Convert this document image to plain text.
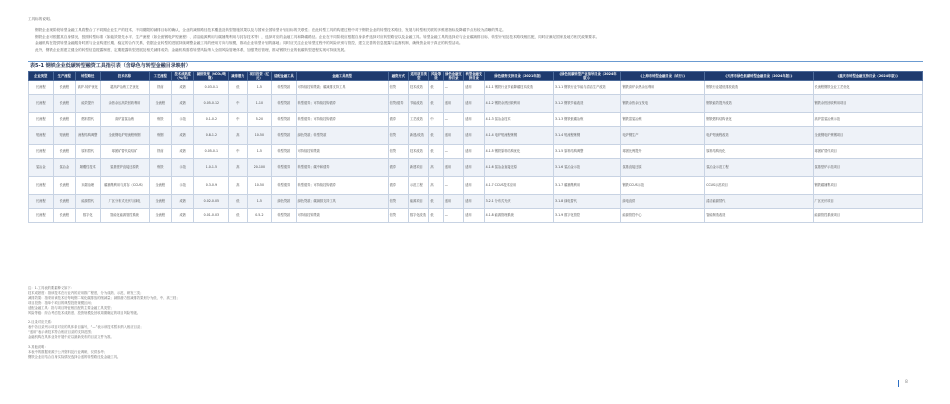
工具标的说明。

钢铁企业现阶段转型金融工具将整合了不同期企业生产的技术，不同期限的减排目标的确认，企业的减排路径技术覆盖及转型措施效果以及与国家全国转型计划目标的关联性；在此转型工具的构建过程中对于钢铁企业的转型技术路径、发展与转型相关联的多维度指标及降碳节点有较为清晰的界定。

钢铁企业可根据其自身情况，按照转型标准（如能效领先水平、生产流程（如全废钢电炉短流程）、清洁能源利用与碳捕集利用与封存技术等），选择对应的金融工具和降碳路径。企业在不同阶段应根据自身条件选择对应转型路径以及金融工具。转型金融工具的选择应与企业碳减排目标、转型计划及技术路线相匹配，同时应满足国家及地方相关政策要求。

金融机构在提供转型金融服务时需与企业构建长期、稳定的合作关系，依据企业转型的进展持续调整金融工具的使用方向与规模，推动企业转型计划的落地；同时应关注企业转型过程中的风险识别与管控，建立完善的信息披露与监督机制，确保资金用于真正的转型活动。

此外，钢铁企业需建立健全的转型信息披露制度，定期披露转型进展及相关减排成效；金融机构需将转型风险纳入全面风险管理体系，加强贷后管理，推动钢铁行业的低碳转型进程实现可持续发展。

表5-1 钢铁企业低碳转型融资工具指引表（含绿色与转型金融目录映射）
企业类型	生产流程	转型路径	技术名称	工艺流程	技术成熟度（%/年）	减排效果（tCO₂/吨钢）	减排潜力	项目投资（亿元）	适配金融工具	金融工具类型	融资方式	适用项目类型	风险等级	绿色金融支持目录	转型金融支持目录	绿色债券支持目录（2021年版）	《绿色低碳转型产业指导目录（2024年版）》	《上海市转型金融目录（试行）》	《天津市绿色低碳转型金融目录（2024年版）》	《重庆市转型金融支持目录（2024年版）》
长流程	长流程	高炉-转炉优化	超高炉冶炼工艺优化	铁前	成熟	0.03-0.1	低	1-5	转型贷款	可持续挂钩贷款；碳减排支持工具	信贷	技术改造	低	—	适用	4.1.1 钢铁行业节能降碳技术改造	3.1.1 钢铁行业节能与清洁生产改造	钢铁高炉余热余压利用	钢铁行业超低排放改造	长流程钢铁企业工艺优化
长流程	长流程	能效提升	余热余压高效回收利用	全流程	成熟	0.05-0.12	中	1-10	转型贷款	转型债券；可持续挂钩债券	信贷/债券	节能改造	低	适用	适用	4.1.2 钢铁余热回收利用	3.1.2 钢铁节能改造	钢铁余热余压发电	钢铁能效提升改造	钢铁余热回收利用项目
长流程	长流程	燃料替代	高炉富氢冶炼	炼铁	示范	0.1-0.2	中	5-20	转型贷款	转型债券；可持续挂钩债券	债券	工艺改造	中	—	适用	4.1.3 氢冶金技术	3.1.3 钢铁低碳冶炼	钢铁富氢冶炼	钢铁燃料结构优化	高炉富氢冶炼示范
短流程	短流程	流程结构调整	全废钢电炉短流程炼钢	炼钢	成熟	0.8-1.2	高	10-50	转型贷款	绿色贷款；转型贷款	信贷	新建/改造	低	适用	适用	4.1.4 电炉短流程炼钢	3.1.4 短流程炼钢	电炉钢生产	电炉短流程改造	全废钢电炉炼钢项目
长流程	长流程	原料替代	球团矿替代烧结矿	铁前	成熟	0.05-0.1	中	1-5	转型贷款	可持续挂钩贷款	信贷	技术改造	低	—	适用	4.1.5 钢铁原料结构优化	3.1.5 原料结构调整	球团比例提升	原料结构优化	球团矿替代项目
氢冶金	氢冶金	颠覆性技术	氢基竖炉直接还原铁	炼铁	示范	1.0-1.5	高	20-100	转型债券	转型债券；碳中和债券	债券	新建项目	高	适用	适用	4.1.6 氢冶金直接还原	3.1.6 氢冶金示范	氢基直接还原	氢冶金示范工程	氢基竖炉示范项目
长流程	长流程	末端治理	碳捕集利用与封存（CCUS）	全流程	示范	0.3-0.9	高	10-50	转型债券	转型债券；可持续挂钩债券	债券	示范工程	高	—	适用	4.1.7 CCUS技术应用	3.1.7 碳捕集利用	钢铁CCUS示范	CCUS示范项目	钢铁碳捕集项目
长流程	长流程	能源替代	厂区分布式光伏与绿电	全流程	成熟	0.02-0.05	低	1-5	绿色贷款	绿色贷款；碳减排支持工具	信贷	能源项目	低	适用	适用	3.2.1 分布式光伏	3.1.8 绿电替代	绿电直供	清洁能源替代	厂区光伏项目
长流程	长流程	数字化	智能化能源管控系统	全流程	成熟	0.01-0.03	低	0.5-2	转型贷款	可持续挂钩贷款	信贷	数字化改造	低	—	适用	4.1.8 能源管理系统	3.1.9 数字化管控	能源管控中心	智能制造改造	能源管控系统项目
注：1.工具表的要素释义如下：
技术成熟度：指该技术在行业内的应用推广程度，分为成熟、示范、研发三类；
减排效果：指采用该技术后每吨钢二氧化碳排放的削减量；减排潜力按减排效果划分为低、中、高三档；
项目投资：指单个项目的典型投资规模区间；
适配金融工具：指与项目特征相匹配的主要金融工具类型；
风险等级：综合考虑技术成熟度、投资规模及回收周期确定的项目风险等级。
2.目录对应关系：
表中各目录列示项目对应的具体条目编号，“—”表示该技术暂未纳入相应目录；
“适用”表示该技术符合相应目录的支持范围；
金融机构在具体业务开展中应以最新发布的目录文件为准。
3.其他说明：
本表中的数据来源于公开资料及行业调研，仅供参考；
钢铁企业应结合自身实际情况选择合适的转型路径及金融工具。
8
